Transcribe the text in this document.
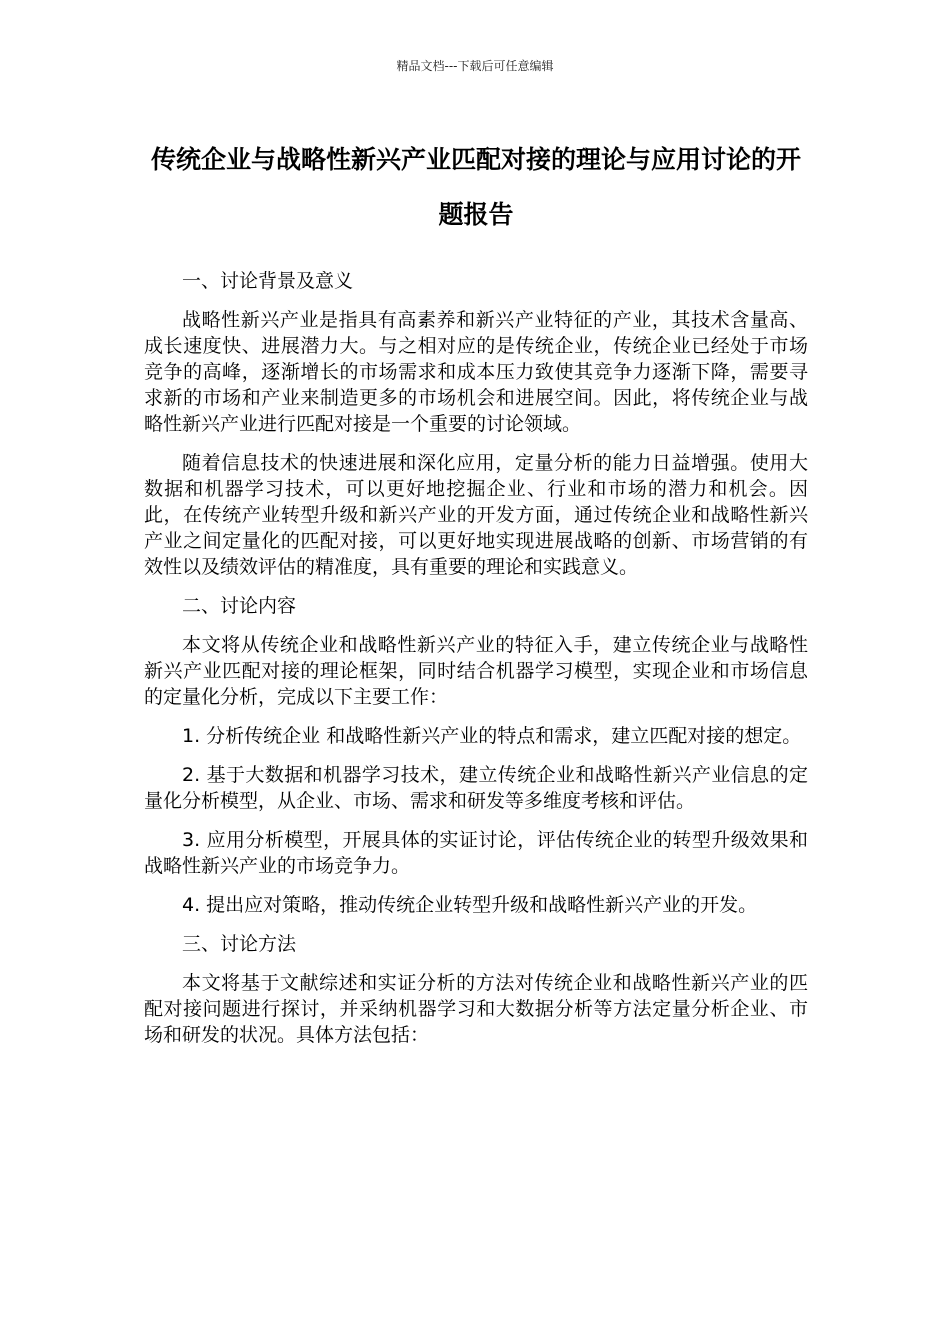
精品文档---下载后可任意编辑
传统企业与战略性新兴产业匹配对接的理论与应用讨论的开题报告

一、讨论背景及意义

战略性新兴产业是指具有高素养和新兴产业特征的产业，其技术含量高、成长速度快、进展潜力大。与之相对应的是传统企业，传统企业已经处于市场竞争的高峰，逐渐增长的市场需求和成本压力致使其竞争力逐渐下降，需要寻求新的市场和产业来制造更多的市场机会和进展空间。因此，将传统企业与战略性新兴产业进行匹配对接是一个重要的讨论领域。

随着信息技术的快速进展和深化应用，定量分析的能力日益增强。使用大数据和机器学习技术，可以更好地挖掘企业、行业和市场的潜力和机会。因此，在传统产业转型升级和新兴产业的开发方面，通过传统企业和战略性新兴产业之间定量化的匹配对接，可以更好地实现进展战略的创新、市场营销的有效性以及绩效评估的精准度，具有重要的理论和实践意义。

二、讨论内容

本文将从传统企业和战略性新兴产业的特征入手，建立传统企业与战略性新兴产业匹配对接的理论框架，同时结合机器学习模型，实现企业和市场信息的定量化分析，完成以下主要工作：

1. 分析传统企业 和战略性新兴产业的特点和需求，建立匹配对接的想定。

2. 基于大数据和机器学习技术，建立传统企业和战略性新兴产业信息的定量化分析模型，从企业、市场、需求和研发等多维度考核和评估。

3. 应用分析模型，开展具体的实证讨论，评估传统企业的转型升级效果和战略性新兴产业的市场竞争力。

4. 提出应对策略，推动传统企业转型升级和战略性新兴产业的开发。

三、讨论方法

本文将基于文献综述和实证分析的方法对传统企业和战略性新兴产业的匹配对接问题进行探讨，并采纳机器学习和大数据分析等方法定量分析企业、市场和研发的状况。具体方法包括：
